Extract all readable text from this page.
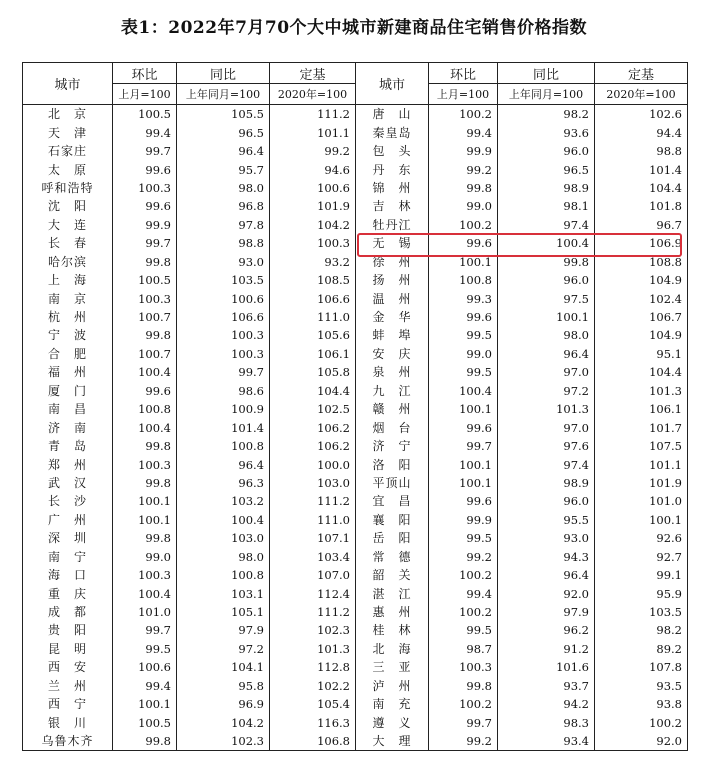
表1：2022年7月70个大中城市新建商品住宅销售价格指数
城市	环比	同比	定基	城市	环比	同比	定基
	上月=100	上年同月=100	2020年=100		上月=100	上年同月=100	2020年=100
北　京	100.5	105.5	111.2	唐　山	100.2	98.2	102.6
天　津	99.4	96.5	101.1	秦皇岛	99.4	93.6	94.4
石家庄	99.7	96.4	99.2	包　头	99.9	96.0	98.8
太　原	99.6	95.7	94.6	丹　东	99.2	96.5	101.4
呼和浩特	100.3	98.0	100.6	锦　州	99.8	98.9	104.4
沈　阳	99.6	96.8	101.9	吉　林	99.0	98.1	101.8
大　连	99.9	97.8	104.2	牡丹江	100.2	97.4	96.7
长　春	99.7	98.8	100.3	无　锡	99.6	100.4	106.9
哈尔滨	99.8	93.0	93.2	徐　州	100.1	99.8	108.8
上　海	100.5	103.5	108.5	扬　州	100.8	96.0	104.9
南　京	100.3	100.6	106.6	温　州	99.3	97.5	102.4
杭　州	100.7	106.6	111.0	金　华	99.6	100.1	106.7
宁　波	99.8	100.3	105.6	蚌　埠	99.5	98.0	104.9
合　肥	100.7	100.3	106.1	安　庆	99.0	96.4	95.1
福　州	100.4	99.7	105.8	泉　州	99.5	97.0	104.4
厦　门	99.6	98.6	104.4	九　江	100.4	97.2	101.3
南　昌	100.8	100.9	102.5	赣　州	100.1	101.3	106.1
济　南	100.4	101.4	106.2	烟　台	99.6	97.0	101.7
青　岛	99.8	100.8	106.2	济　宁	99.7	97.6	107.5
郑　州	100.3	96.4	100.0	洛　阳	100.1	97.4	101.1
武　汉	99.8	96.3	103.0	平顶山	100.1	98.9	101.9
长　沙	100.1	103.2	111.2	宜　昌	99.6	96.0	101.0
广　州	100.1	100.4	111.0	襄　阳	99.9	95.5	100.1
深　圳	99.8	103.0	107.1	岳　阳	99.5	93.0	92.6
南　宁	99.0	98.0	103.4	常　德	99.2	94.3	92.7
海　口	100.3	100.8	107.0	韶　关	100.2	96.4	99.1
重　庆	100.4	103.1	112.4	湛　江	99.4	92.0	95.9
成　都	101.0	105.1	111.2	惠　州	100.2	97.9	103.5
贵　阳	99.7	97.9	102.3	桂　林	99.5	96.2	98.2
昆　明	99.5	97.2	101.3	北　海	98.7	91.2	89.2
西　安	100.6	104.1	112.8	三　亚	100.3	101.6	107.8
兰　州	99.4	95.8	102.2	泸　州	99.8	93.7	93.5
西　宁	100.1	96.9	105.4	南　充	100.2	94.2	93.8
银　川	100.5	104.2	116.3	遵　义	99.7	98.3	100.2
乌鲁木齐	99.8	102.3	106.8	大　理	99.2	93.4	92.0
